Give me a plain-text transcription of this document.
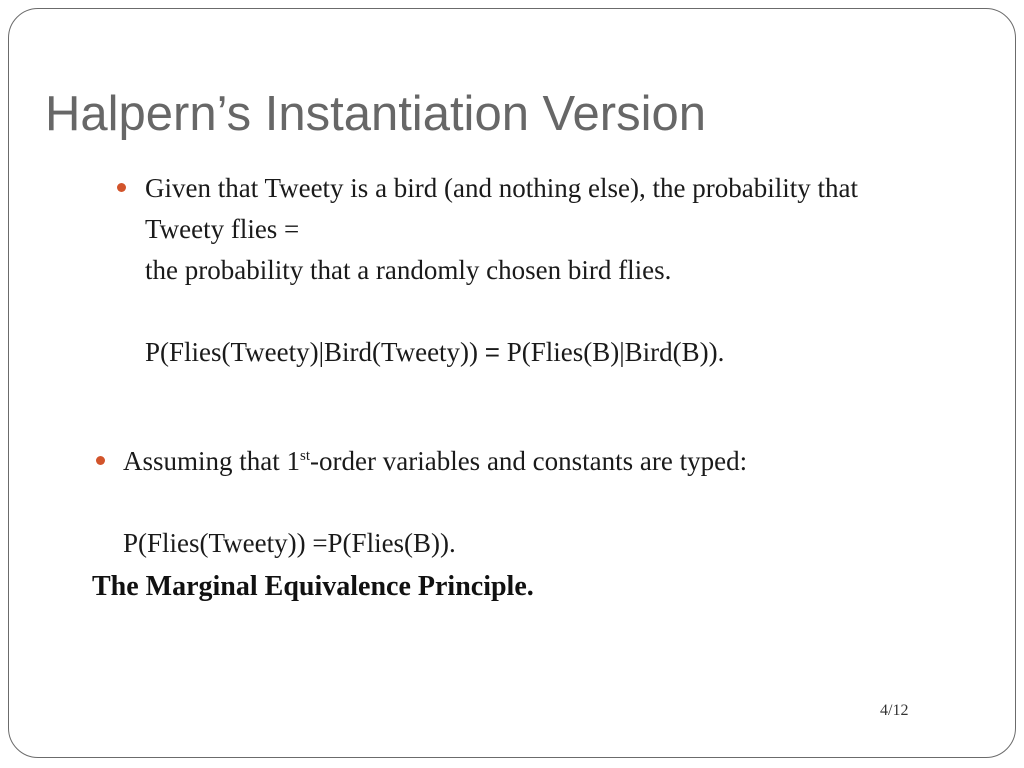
Halpern’s Instantiation Version
Given that Tweety is a bird (and nothing else), the probability that
Tweety flies =
the probability that a randomly chosen bird flies.
P(Flies(Tweety)|Bird(Tweety)) = P(Flies(B)|Bird(B)).
Assuming that 1st-order variables and constants are typed:
P(Flies(Tweety)) =P(Flies(B)).
The Marginal Equivalence Principle.
4/12
